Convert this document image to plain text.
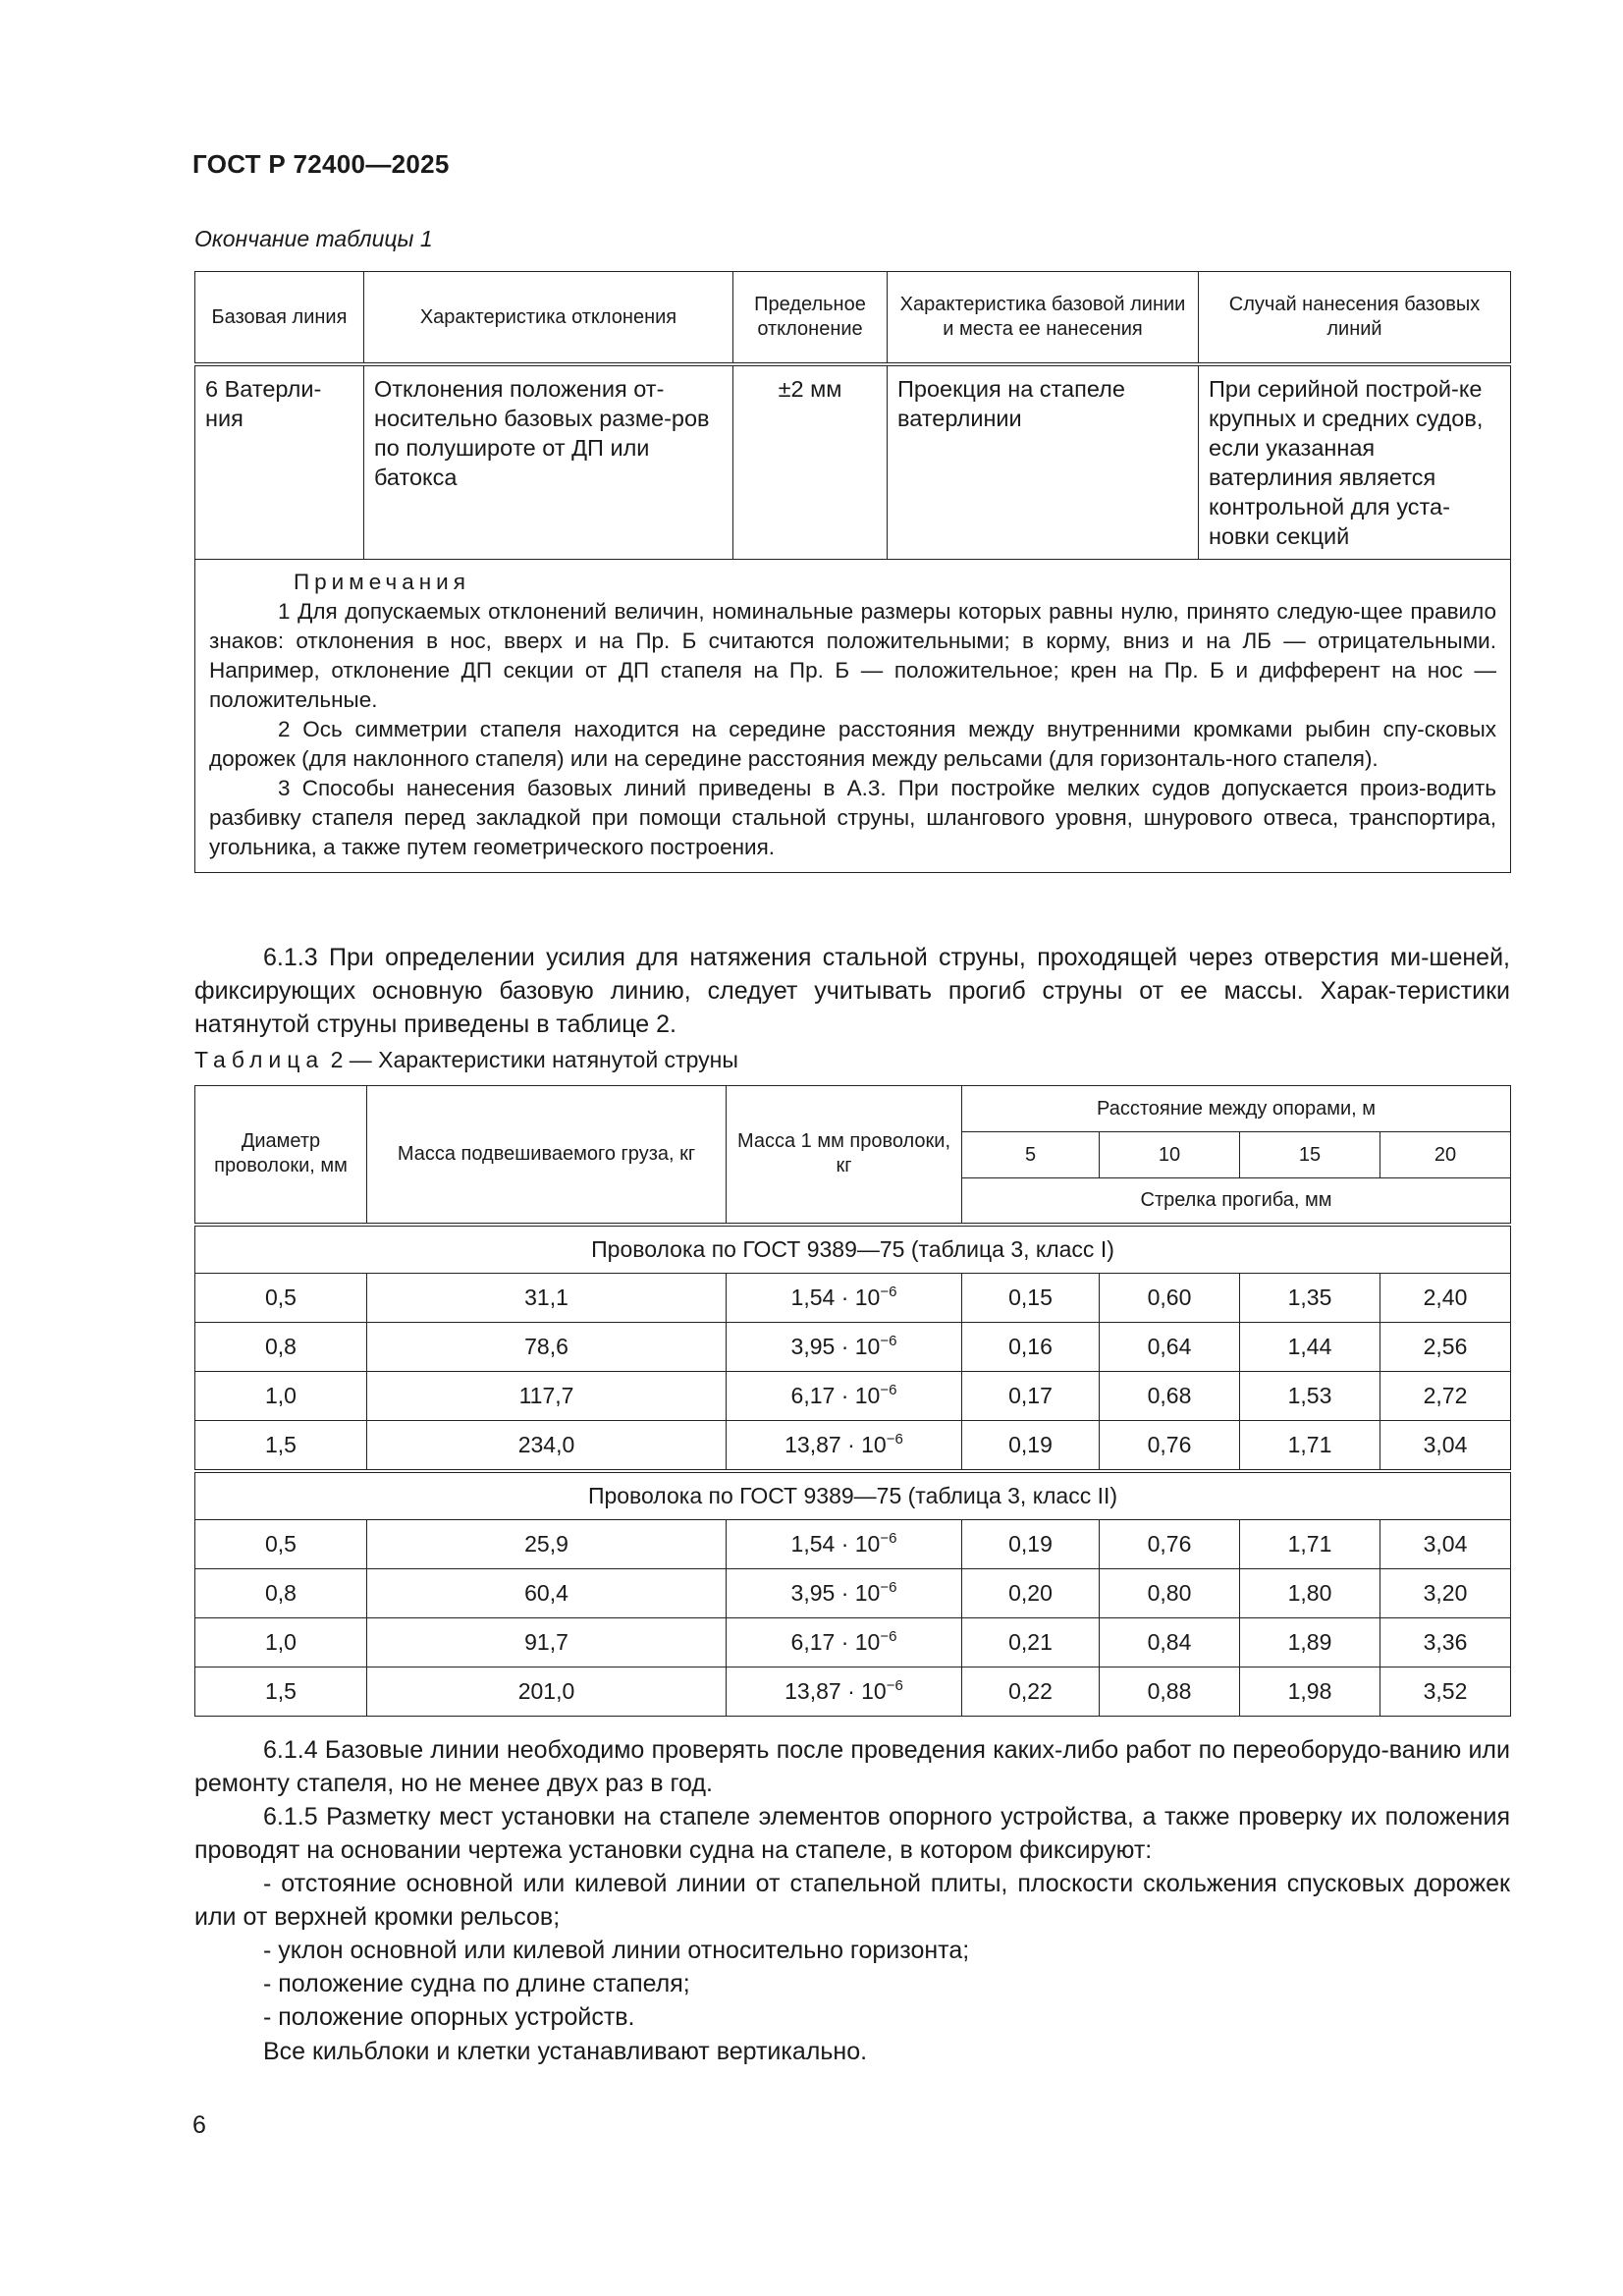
ГОСТ Р 72400—2025
Окончание таблицы 1
Базовая линия	Характеристика отклонения	Предельное отклонение	Характеристика базовой линии и места ее нанесения	Случай нанесения базовых линий
6 Ватерли-ния	Отклонения положения от-носительно базовых разме-ров по полуширoте от ДП или батокса	±2 мм	Проекция на стапеле ватерлинии	При серийной построй-ке крупных и средних судов, если указанная ватерлиния является контрольной для уста-новки секций

Примечания

1 Для допускаемых отклонений величин, номинальные размеры которых равны нулю, принято следую-щее правило знаков: отклонения в нос, вверх и на Пр. Б считаются положительными; в корму, вниз и на ЛБ — отрицательными. Например, отклонение ДП секции от ДП стапеля на Пр. Б — положительное; крен на Пр. Б и дифферент на нос — положительные.

2 Ось симметрии стапеля находится на середине расстояния между внутренними кромками рыбин спу-сковых дорожек (для наклонного стапеля) или на середине расстояния между рельсами (для горизонталь-ного стапеля).

3 Способы нанесения базовых линий приведены в А.3. При постройке мелких судов допускается произ-водить разбивку стапеля перед закладкой при помощи стальной струны, шлангового уровня, шнурового отвеса, транспортира, угольника, а также путем геометрического построения.				

6.1.3 При определении усилия для натяжения стальной струны, проходящей через отверстия ми-шеней, фиксирующих основную базовую линию, следует учитывать прогиб струны от ее массы. Харак-теристики натянутой струны приведены в таблице 2.

Таблица 2 — Характеристики натянутой струны
Диаметр проволоки, мм	Масса подвешиваемого груза, кг	Масса 1 мм проволоки, кг	Расстояние между опорами, м			
			5	10	15	20
			Стрелка прогиба, мм			
Проволока по ГОСТ 9389—75 (таблица 3, класс I)						
0,5	31,1	$1,54 \cdot 10^{-6}$	0,15	0,60	1,35	2,40
0,8	78,6	$3,95 \cdot 10^{-6}$	0,16	0,64	1,44	2,56
1,0	117,7	$6,17 \cdot 10^{-6}$	0,17	0,68	1,53	2,72
1,5	234,0	$13,87 \cdot 10^{-6}$	0,19	0,76	1,71	3,04
Проволока по ГОСТ 9389—75 (таблица 3, класс II)						
0,5	25,9	$1,54 \cdot 10^{-6}$	0,19	0,76	1,71	3,04
0,8	60,4	$3,95 \cdot 10^{-6}$	0,20	0,80	1,80	3,20
1,0	91,7	$6,17 \cdot 10^{-6}$	0,21	0,84	1,89	3,36
1,5	201,0	$13,87 \cdot 10^{-6}$	0,22	0,88	1,98	3,52

6.1.4 Базовые линии необходимо проверять после проведения каких-либо работ по переоборудо-ванию или ремонту стапеля, но не менее двух раз в год.

6.1.5 Разметку мест установки на стапеле элементов опорного устройства, а также проверку их положения проводят на основании чертежа установки судна на стапеле, в котором фиксируют:

- отстояние основной или килевой линии от стапельной плиты, плоскости скольжения спусковых дорожек или от верхней кромки рельсов;

- уклон основной или килевой линии относительно горизонта;

- положение судна по длине стапеля;

- положение опорных устройств.

Все кильблоки и клетки устанавливают вертикально.

6
